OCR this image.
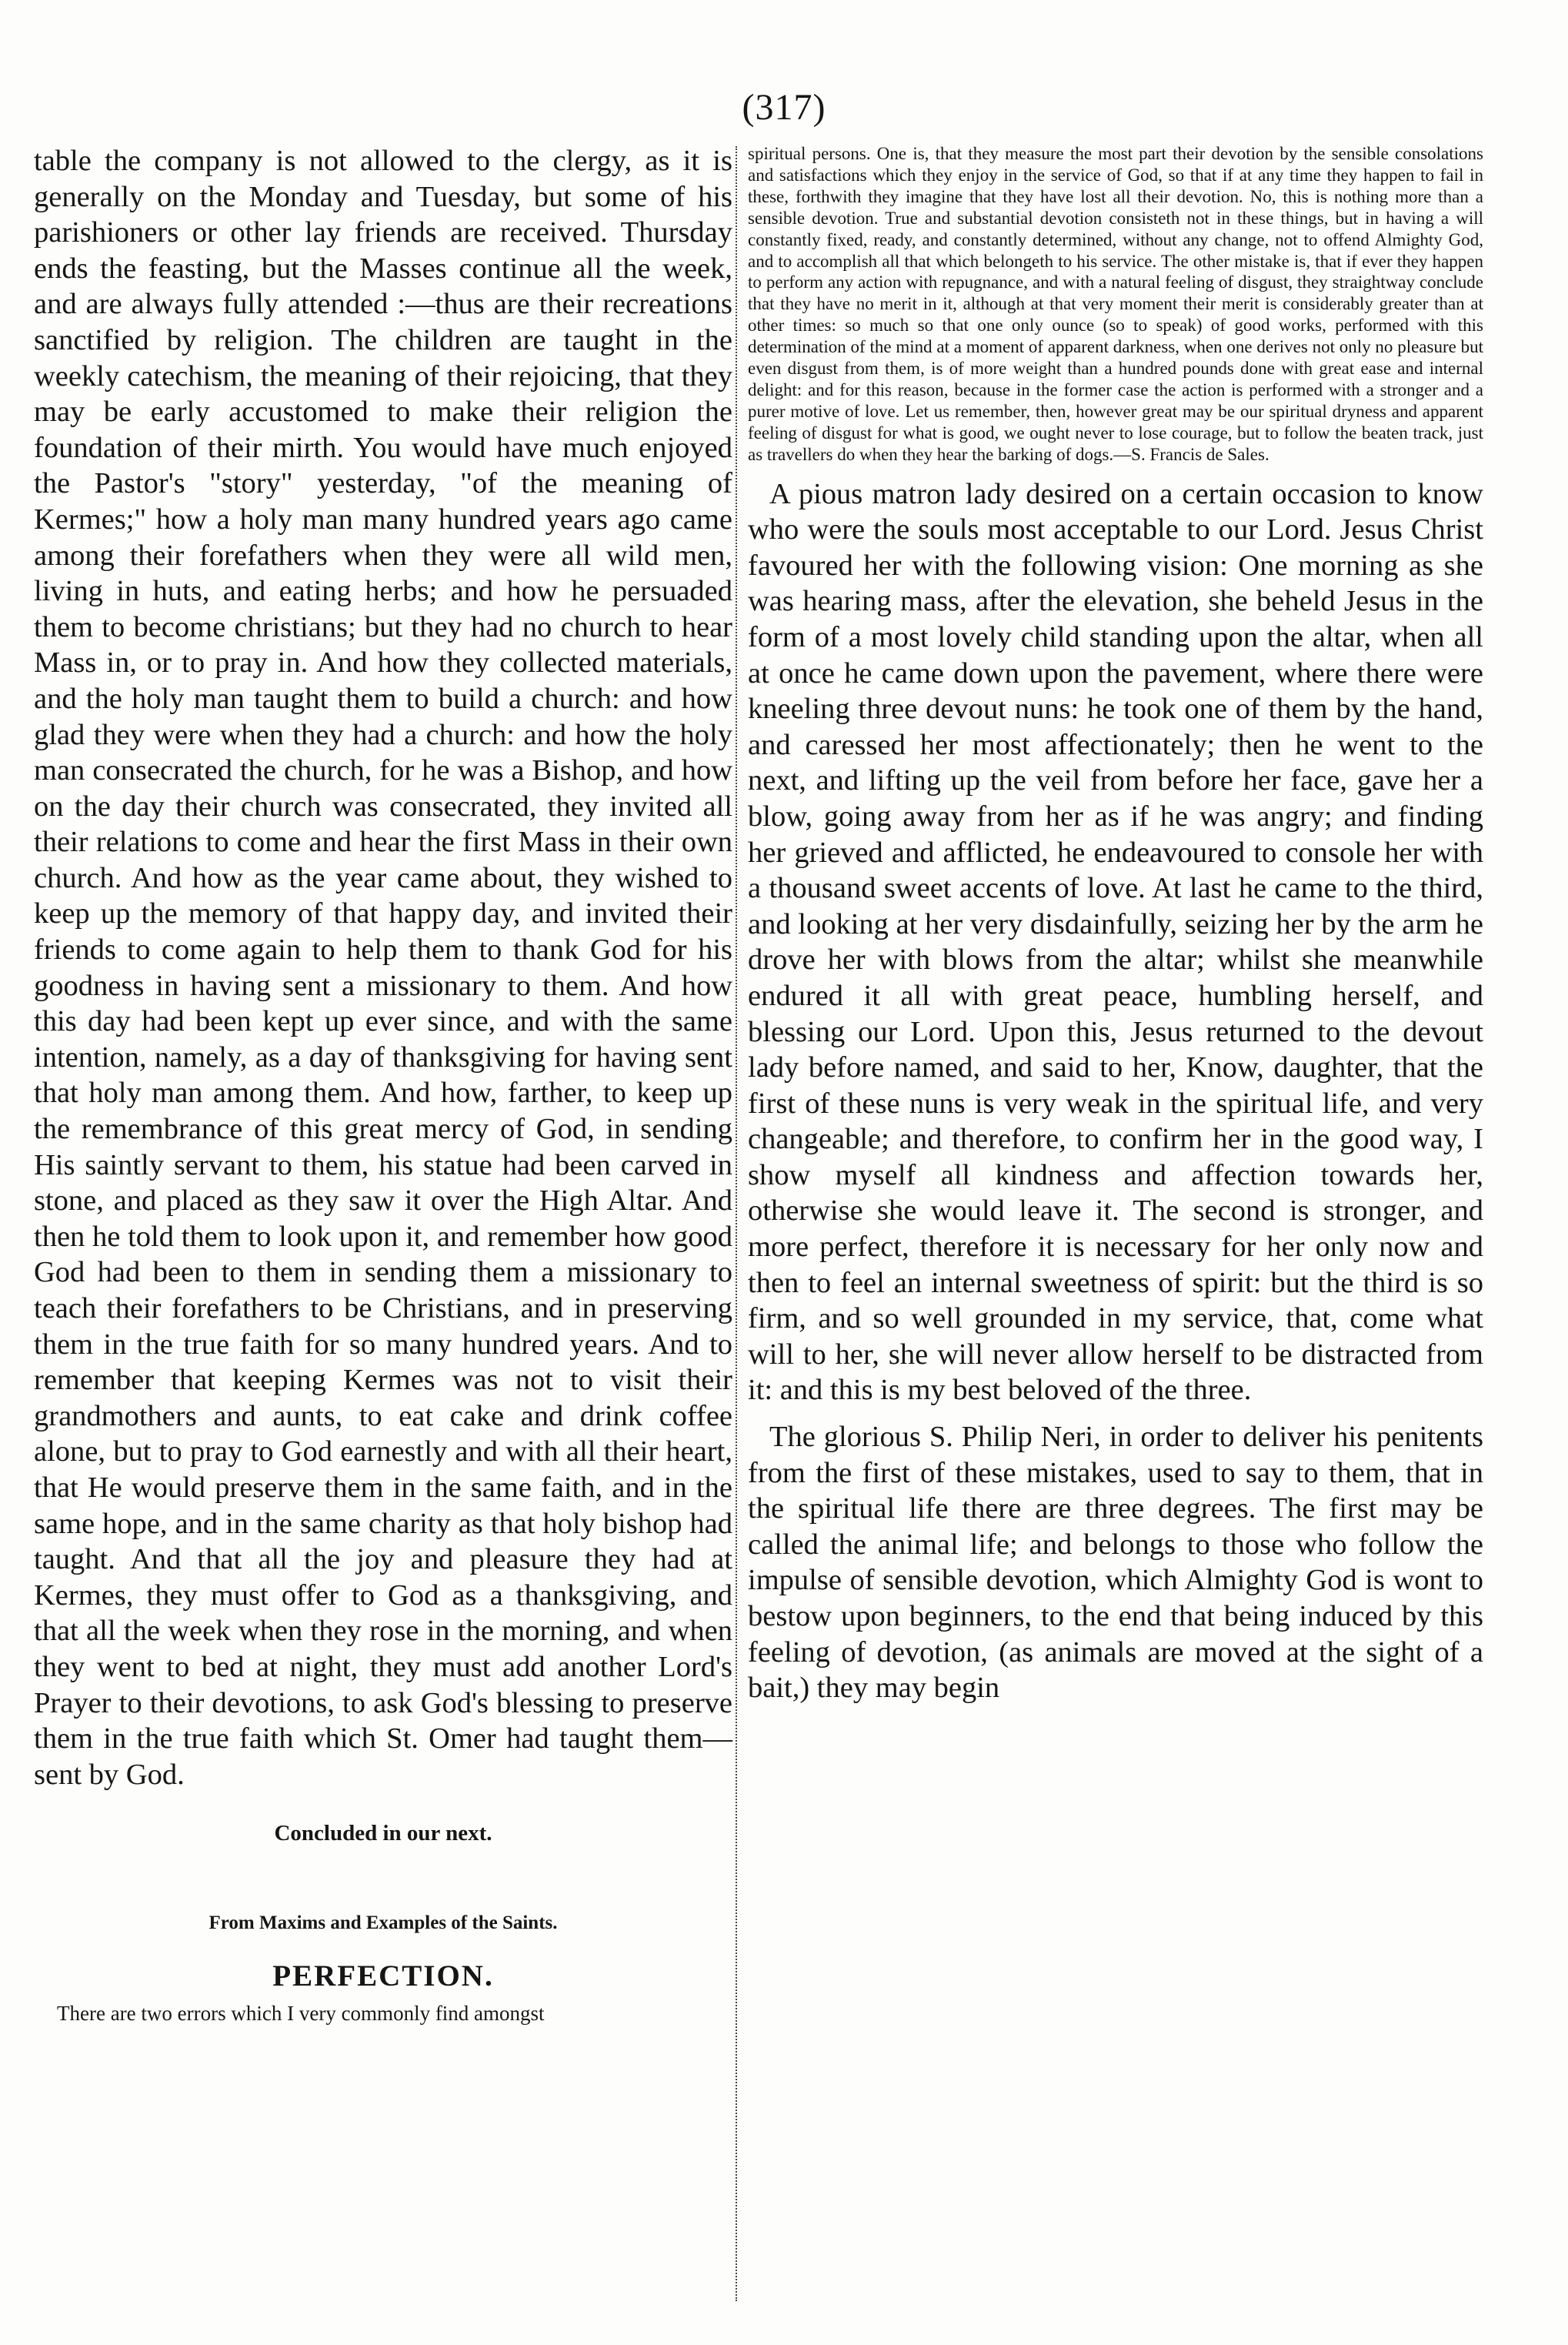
(317)

table the company is not allowed to the clergy, as it is generally on the Monday and Tuesday, but some of his parishioners or other lay friends are received. Thursday ends the feasting, but the Masses continue all the week, and are always fully attended :—thus are their recreations sanctified by religion. The children are taught in the weekly catechism, the meaning of their rejoicing, that they may be early accustomed to make their religion the foundation of their mirth. You would have much enjoyed the Pastor's "story" yesterday, "of the meaning of Kermes;" how a holy man many hundred years ago came among their forefathers when they were all wild men, living in huts, and eating herbs; and how he persuaded them to become christians; but they had no church to hear Mass in, or to pray in. And how they collected materials, and the holy man taught them to build a church: and how glad they were when they had a church: and how the holy man consecrated the church, for he was a Bishop, and how on the day their church was consecrated, they invited all their relations to come and hear the first Mass in their own church. And how as the year came about, they wished to keep up the memory of that happy day, and invited their friends to come again to help them to thank God for his goodness in having sent a missionary to them. And how this day had been kept up ever since, and with the same intention, namely, as a day of thanksgiving for having sent that holy man among them. And how, farther, to keep up the remembrance of this great mercy of God, in sending His saintly servant to them, his statue had been carved in stone, and placed as they saw it over the High Altar. And then he told them to look upon it, and remember how good God had been to them in sending them a missionary to teach their forefathers to be Christians, and in preserving them in the true faith for so many hundred years. And to remember that keeping Kermes was not to visit their grandmothers and aunts, to eat cake and drink coffee alone, but to pray to God earnestly and with all their heart, that He would preserve them in the same faith, and in the same hope, and in the same charity as that holy bishop had taught. And that all the joy and pleasure they had at Kermes, they must offer to God as a thanksgiving, and that all the week when they rose in the morning, and when they went to bed at night, they must add another Lord's Prayer to their devotions, to ask God's blessing to preserve them in the true faith which St. Omer had taught them—sent by God.

Concluded in our next.

From Maxims and Examples of the Saints.

PERFECTION.

There are two errors which I very commonly find amongst

spiritual persons. One is, that they measure the most part their devotion by the sensible consolations and satisfactions which they enjoy in the service of God, so that if at any time they happen to fail in these, forthwith they imagine that they have lost all their devotion. No, this is nothing more than a sensible devotion. True and substantial devotion consisteth not in these things, but in having a will constantly fixed, ready, and constantly determined, without any change, not to offend Almighty God, and to accomplish all that which belongeth to his service. The other mistake is, that if ever they happen to perform any action with repugnance, and with a natural feeling of disgust, they straightway conclude that they have no merit in it, although at that very moment their merit is considerably greater than at other times: so much so that one only ounce (so to speak) of good works, performed with this determination of the mind at a moment of apparent darkness, when one derives not only no pleasure but even disgust from them, is of more weight than a hundred pounds done with great ease and internal delight: and for this reason, because in the former case the action is performed with a stronger and a purer motive of love. Let us remember, then, however great may be our spiritual dryness and apparent feeling of disgust for what is good, we ought never to lose courage, but to follow the beaten track, just as travellers do when they hear the barking of dogs.—S. Francis de Sales.

A pious matron lady desired on a certain occasion to know who were the souls most acceptable to our Lord. Jesus Christ favoured her with the following vision: One morning as she was hearing mass, after the elevation, she beheld Jesus in the form of a most lovely child standing upon the altar, when all at once he came down upon the pavement, where there were kneeling three devout nuns: he took one of them by the hand, and caressed her most affectionately; then he went to the next, and lifting up the veil from before her face, gave her a blow, going away from her as if he was angry; and finding her grieved and afflicted, he endeavoured to console her with a thousand sweet accents of love. At last he came to the third, and looking at her very disdainfully, seizing her by the arm he drove her with blows from the altar; whilst she meanwhile endured it all with great peace, humbling herself, and blessing our Lord. Upon this, Jesus returned to the devout lady before named, and said to her, Know, daughter, that the first of these nuns is very weak in the spiritual life, and very changeable; and therefore, to confirm her in the good way, I show myself all kindness and affection towards her, otherwise she would leave it. The second is stronger, and more perfect, therefore it is necessary for her only now and then to feel an internal sweetness of spirit: but the third is so firm, and so well grounded in my service, that, come what will to her, she will never allow herself to be distracted from it: and this is my best beloved of the three.

The glorious S. Philip Neri, in order to deliver his penitents from the first of these mistakes, used to say to them, that in the spiritual life there are three degrees. The first may be called the animal life; and belongs to those who follow the impulse of sensible devotion, which Almighty God is wont to bestow upon beginners, to the end that being induced by this feeling of devotion, (as animals are moved at the sight of a bait,) they may begin
